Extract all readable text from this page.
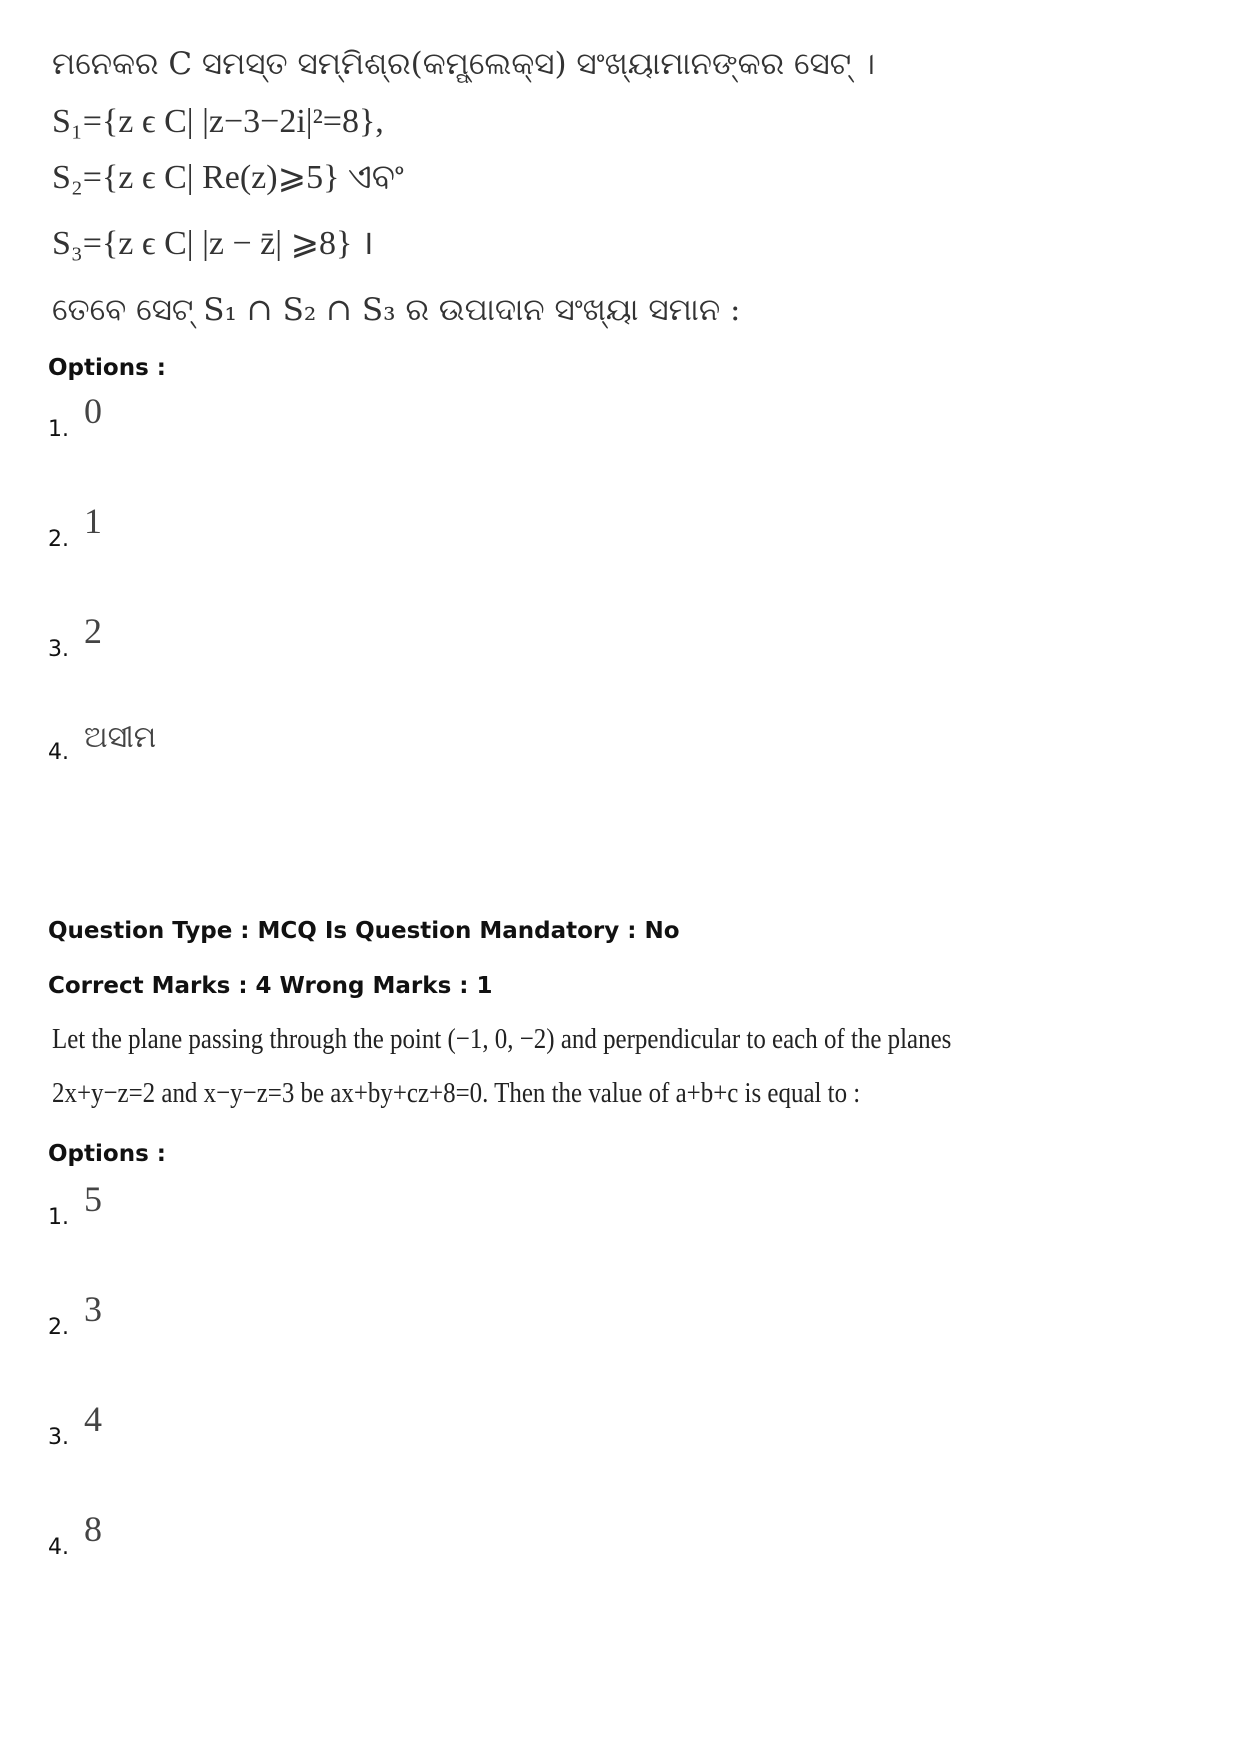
ମନେକର C ସମସ୍ତ ସମ୍ମିଶ୍ର(କମ୍ପ୍ଲେକ୍ସ) ସଂଖ୍ୟାମାନଙ୍କର ସେଟ୍ ।
S₁={z ϵ C| |z−3−2i|²=8},
S₂={z ϵ C| Re(z)⩾5} ଏବଂ
S₃={z ϵ C| |z − z̄| ⩾8} ।
ତେବେ ସେଟ୍ S₁ ∩ S₂ ∩ S₃ ର ଉପାଦାନ ସଂଖ୍ୟା ସମାନ :
Options :
1. 0
2. 1
3. 2
4. ଅସୀମ
Question Type : MCQ Is Question Mandatory : No
Correct Marks : 4 Wrong Marks : 1
Let the plane passing through the point (−1, 0, −2) and perpendicular to each of the planes
2x+y−z=2 and x−y−z=3 be ax+by+cz+8=0. Then the value of a+b+c is equal to :
Options :
1. 5
2. 3
3. 4
4. 8
